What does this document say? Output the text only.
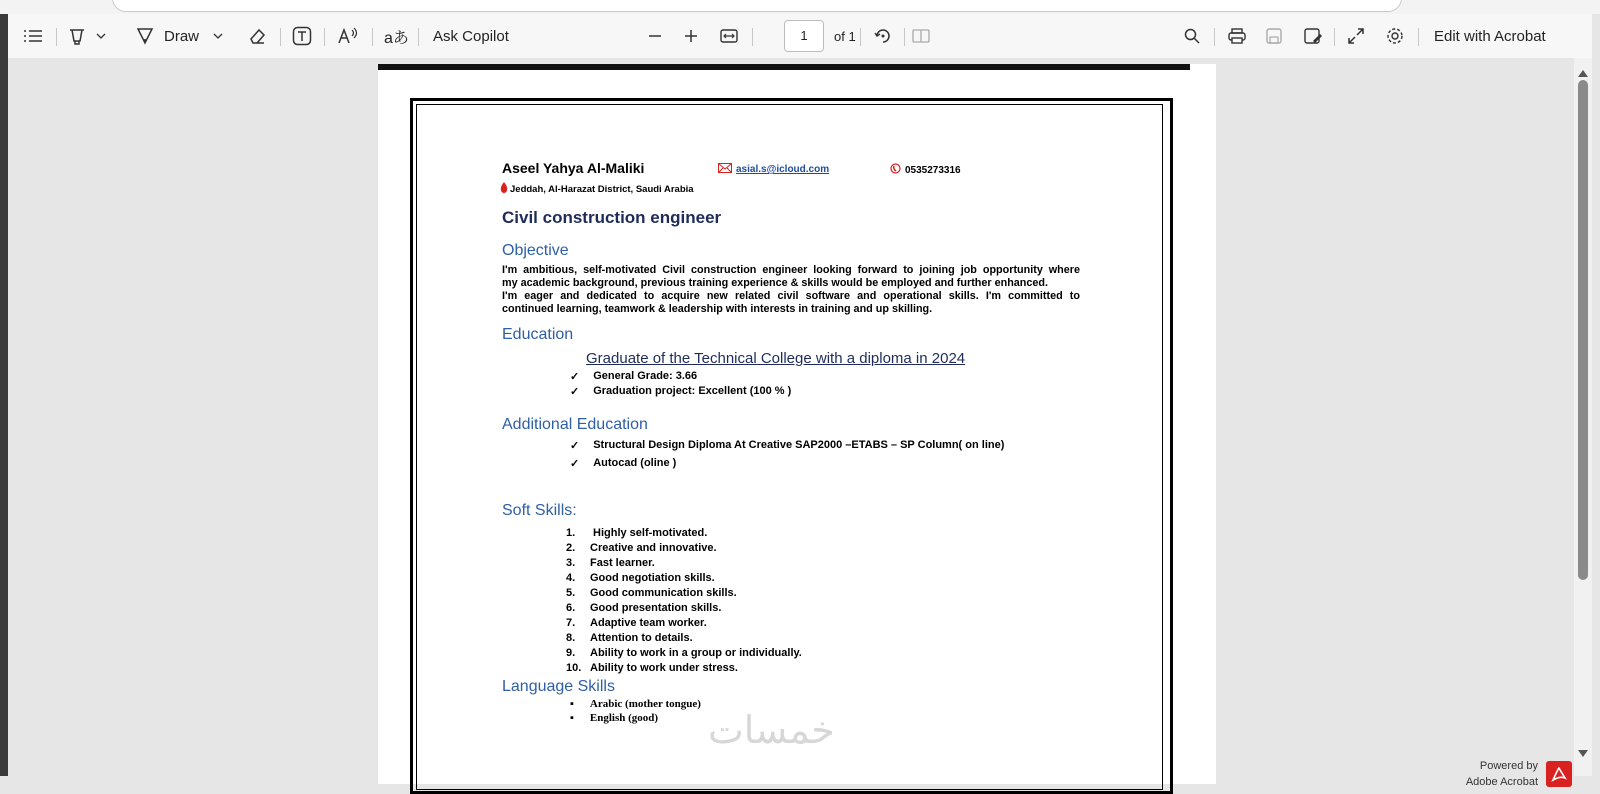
Draw	aあ Ask Copilot	1	of 1	Edit with Acrobat
Aseel Yahya Al-Maliki	asial.s@icloud.com	0535273316
Jeddah, Al-Harazat District, Saudi Arabia
Civil construction engineer
Objective
I'm ambitious, self-motivated Civil construction engineer looking forward to joining job opportunity where
my academic background, previous training experience & skills would be employed and further enhanced.
I'm eager and dedicated to acquire new related civil software and operational skills. I'm committed to
continued learning, teamwork & leadership with interests in training and up skilling.
Education
Graduate of the Technical College with a diploma in 2024
✓ General Grade: 3.66
✓ Graduation project: Excellent (100 % )
Additional Education
✓ Structural Design Diploma At Creative SAP2000 –ETABS – SP Column( on line)
✓ Autocad (oline )
Soft Skills:
1.	Highly self-motivated.
2.	Creative and innovative.
3.	Fast learner.
4.	Good negotiation skills.
5.	Good communication skills.
6.	Good presentation skills.
7.	Adaptive team worker.
8.	Attention to details.
9.	Ability to work in a group or individually.
10. Ability to work under stress.
Language Skills
▪ Arabic (mother tongue)
▪ English (good) خمسات
Powered by
Adobe Acrobat
